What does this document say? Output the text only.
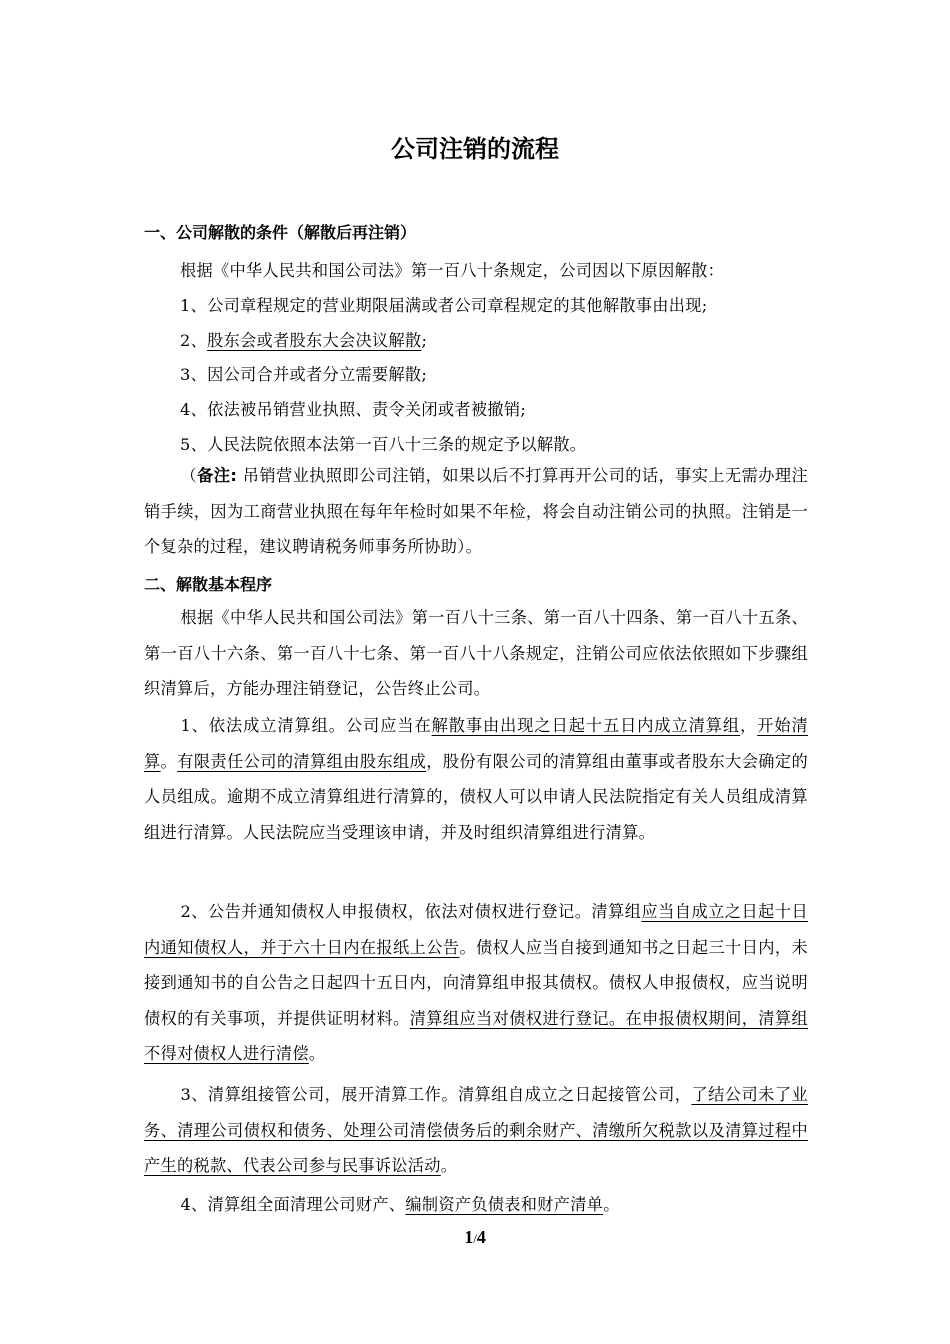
公司注销的流程
一、公司解散的条件（解散后再注销）
根据《中华人民共和国公司法》第一百八十条规定，公司因以下原因解散：
1、公司章程规定的营业期限届满或者公司章程规定的其他解散事由出现;
2、股东会或者股东大会决议解散;
3、因公司合并或者分立需要解散;
4、依法被吊销营业执照、责令关闭或者被撤销;
5、人民法院依照本法第一百八十三条的规定予以解散。

（备注: 吊销营业执照即公司注销，如果以后不打算再开公司的话，事实上无需办理注销手续，因为工商营业执照在每年年检时如果不年检，将会自动注销公司的执照。注销是一个复杂的过程，建议聘请税务师事务所协助）。

二、解散基本程序

根据《中华人民共和国公司法》第一百八十三条、第一百八十四条、第一百八十五条、第一百八十六条、第一百八十七条、第一百八十八条规定，注销公司应依法依照如下步骤组织清算后，方能办理注销登记，公告终止公司。

1、依法成立清算组。公司应当在解散事由出现之日起十五日内成立清算组，开始清算。有限责任公司的清算组由股东组成，股份有限公司的清算组由董事或者股东大会确定的人员组成。逾期不成立清算组进行清算的，债权人可以申请人民法院指定有关人员组成清算组进行清算。人民法院应当受理该申请，并及时组织清算组进行清算。

2、公告并通知债权人申报债权，依法对债权进行登记。清算组应当自成立之日起十日内通知债权人，并于六十日内在报纸上公告。债权人应当自接到通知书之日起三十日内，未接到通知书的自公告之日起四十五日内，向清算组申报其债权。债权人申报债权，应当说明债权的有关事项，并提供证明材料。清算组应当对债权进行登记。在申报债权期间，清算组不得对债权人进行清偿。

3、清算组接管公司，展开清算工作。清算组自成立之日起接管公司，了结公司未了业务、清理公司债权和债务、处理公司清偿债务后的剩余财产、清缴所欠税款以及清算过程中产生的税款、代表公司参与民事诉讼活动。

4、清算组全面清理公司财产、编制资产负债表和财产清单。

1/4
